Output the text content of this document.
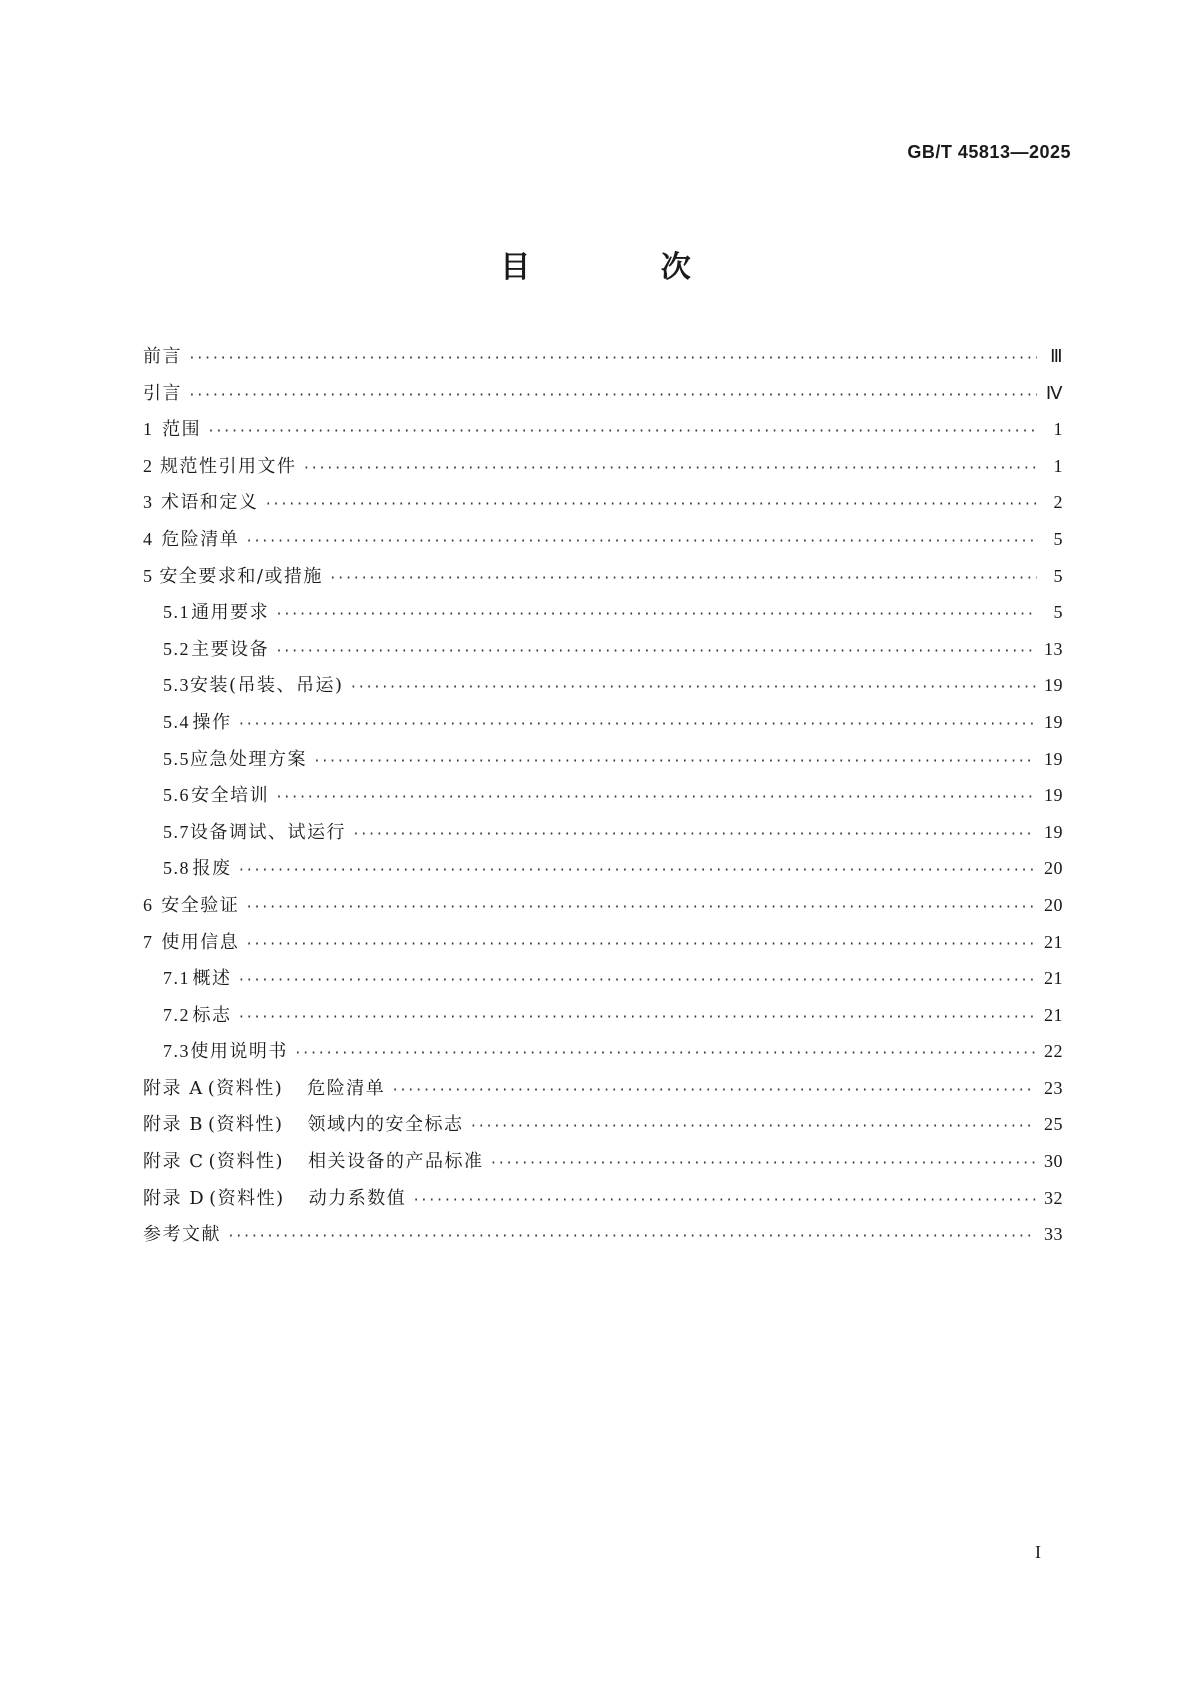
GB/T 45813—2025
目 次
前言 ·····	Ⅲ
引言 ·····	Ⅳ
1 范围 ·····	1
2 规范性引用文件 ·····	1
3 术语和定义 ·····	2
4 危险清单 ·····	5
5 安全要求和/或措施 ·····	5
5.1 通用要求 ·····	5
5.2 主要设备 ·····	13
5.3 安装(吊装、吊运) ·····	19
5.4 操作 ·····	19
5.5 应急处理方案 ·····	19
5.6 安全培训 ·····	19
5.7 设备调试、试运行 ·····	19
5.8 报废 ·····	20
6 安全验证 ·····	20
7 使用信息 ·····	21
7.1 概述 ·····	21
7.2 标志 ·····	21
7.3 使用说明书 ·····	22
附录 A (资料性) 危险清单 ·····	23
附录 B (资料性) 领域内的安全标志 ·····	25
附录 C (资料性) 相关设备的产品标准 ·····	30
附录 D (资料性) 动力系数值 ·····	32
参考文献 ·····	33
I
